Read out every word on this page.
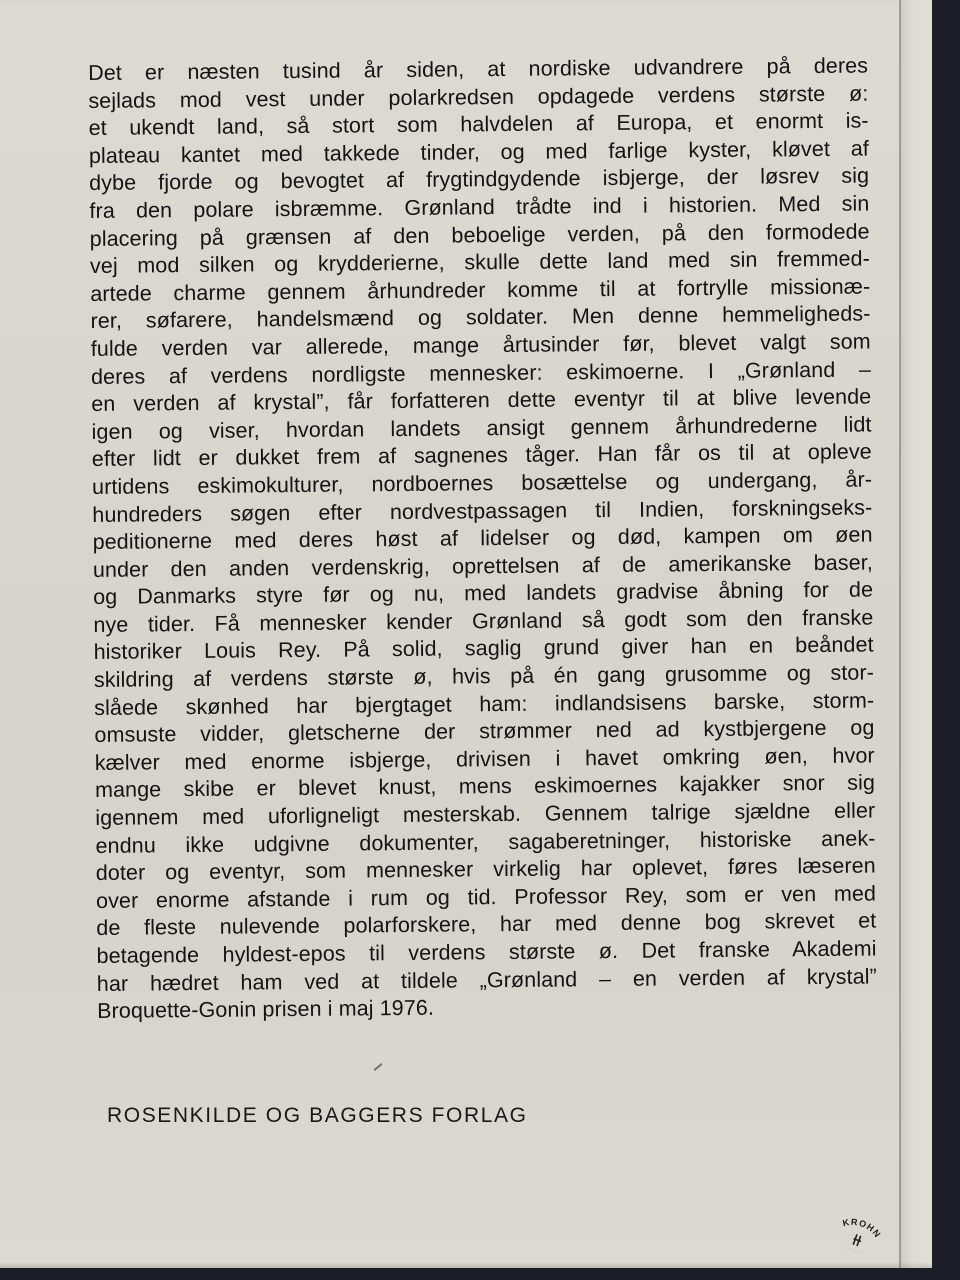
Det er næsten tusind år siden, at nordiske udvandrere på deres
sejlads mod vest under polarkredsen opdagede verdens største ø:
et ukendt land, så stort som halvdelen af Europa, et enormt is-
plateau kantet med takkede tinder, og med farlige kyster, kløvet af
dybe fjorde og bevogtet af frygtindgydende isbjerge, der løsrev sig
fra den polare isbræmme. Grønland trådte ind i historien. Med sin
placering på grænsen af den beboelige verden, på den formodede
vej mod silken og krydderierne, skulle dette land med sin fremmed-
artede charme gennem århundreder komme til at fortrylle missionæ-
rer, søfarere, handelsmænd og soldater. Men denne hemmeligheds-
fulde verden var allerede, mange årtusinder før, blevet valgt som
deres af verdens nordligste mennesker: eskimoerne. I „Grønland –
en verden af krystal”, får forfatteren dette eventyr til at blive levende
igen og viser, hvordan landets ansigt gennem århundrederne lidt
efter lidt er dukket frem af sagnenes tåger. Han får os til at opleve
urtidens eskimokulturer, nordboernes bosættelse og undergang, år-
hundreders søgen efter nordvestpassagen til Indien, forskningseks-
peditionerne med deres høst af lidelser og død, kampen om øen
under den anden verdenskrig, oprettelsen af de amerikanske baser,
og Danmarks styre før og nu, med landets gradvise åbning for de
nye tider. Få mennesker kender Grønland så godt som den franske
historiker Louis Rey. På solid, saglig grund giver han en beåndet
skildring af verdens største ø, hvis på én gang grusomme og stor-
slåede skønhed har bjergtaget ham: indlandsisens barske, storm-
omsuste vidder, gletscherne der strømmer ned ad kystbjergene og
kælver med enorme isbjerge, drivisen i havet omkring øen, hvor
mange skibe er blevet knust, mens eskimoernes kajakker snor sig
igennem med uforligneligt mesterskab. Gennem talrige sjældne eller
endnu ikke udgivne dokumenter, sagaberetninger, historiske anek-
doter og eventyr, som mennesker virkelig har oplevet, føres læseren
over enorme afstande i rum og tid. Professor Rey, som er ven med
de fleste nulevende polarforskere, har med denne bog skrevet et
betagende hyldest-epos til verdens største ø. Det franske Akademi
har hædret ham ved at tildele „Grønland – en verden af krystal”
Broquette-Gonin prisen i maj 1976.
ROSENKILDE OG BAGGERS FORLAG
KROHN
· · · · · · · · ·
